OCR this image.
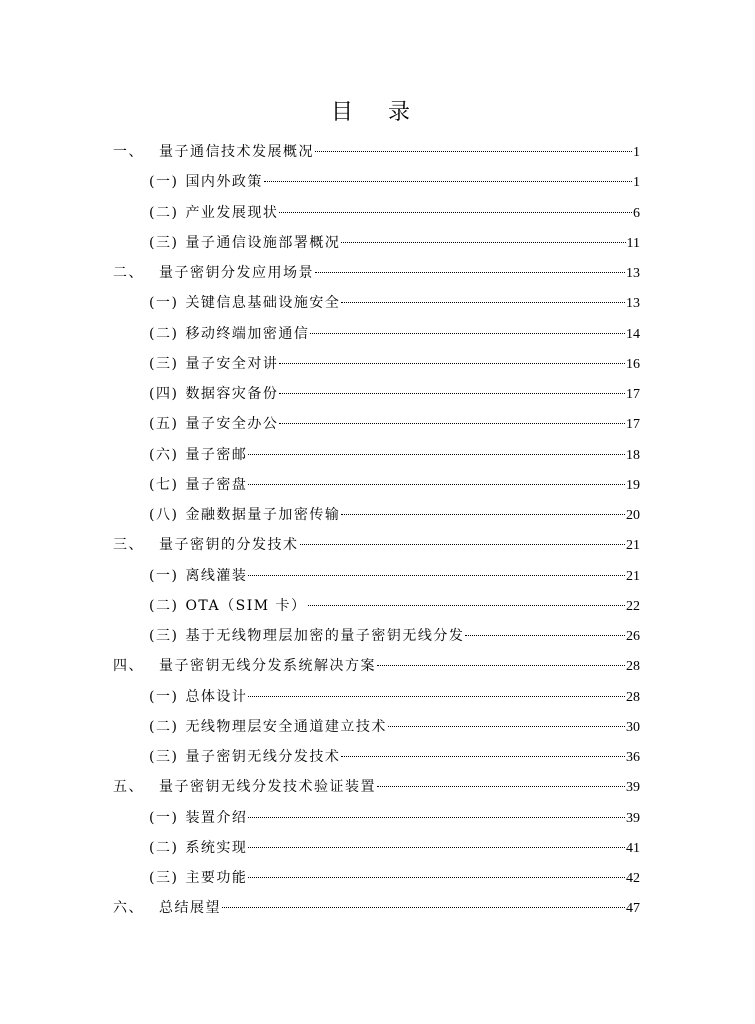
目 录
一、	量子通信技术发展概况	1
(一) 国内外政策	1
(二) 产业发展现状	6
(三) 量子通信设施部署概况	11
二、	量子密钥分发应用场景	13
(一) 关键信息基础设施安全	13
(二) 移动终端加密通信	14
(三) 量子安全对讲	16
(四) 数据容灾备份	17
(五) 量子安全办公	17
(六) 量子密邮	18
(七) 量子密盘	19
(八) 金融数据量子加密传输	20
三、	量子密钥的分发技术	21
(一) 离线灌装	21
(二) OTA（SIM 卡）	22
(三) 基于无线物理层加密的量子密钥无线分发	26
四、	量子密钥无线分发系统解决方案	28
(一) 总体设计	28
(二) 无线物理层安全通道建立技术	30
(三) 量子密钥无线分发技术	36
五、	量子密钥无线分发技术验证装置	39
(一) 装置介绍	39
(二) 系统实现	41
(三) 主要功能	42
六、	总结展望	47
